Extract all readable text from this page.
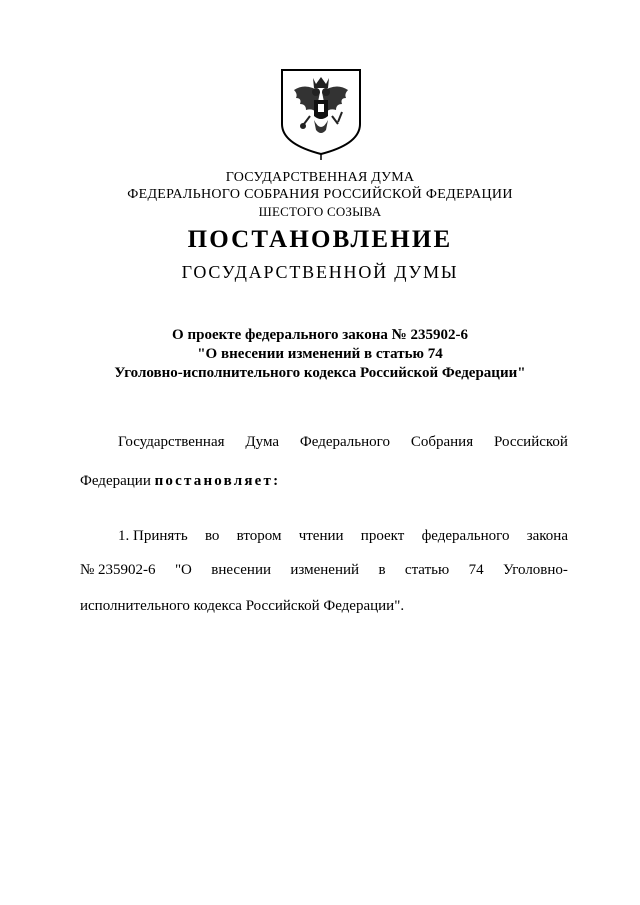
ГОСУДАРСТВЕННАЯ ДУМА
ФЕДЕРАЛЬНОГО СОБРАНИЯ РОССИЙСКОЙ ФЕДЕРАЦИИ
ШЕСТОГО СОЗЫВА
ПОСТАНОВЛЕНИЕ
ГОСУДАРСТВЕННОЙ ДУМЫ
О проекте федерального закона № 235902-6
"О внесении изменений в статью 74
Уголовно-исполнительного кодекса Российской Федерации"
Государственная Дума Федерального Собрания Российской
Федерации постановляет:
1. Принять во втором чтении проект федерального закона
№ 235902-6 "О внесении изменений в статью 74 Уголовно-
исполнительного кодекса Российской Федерации".
